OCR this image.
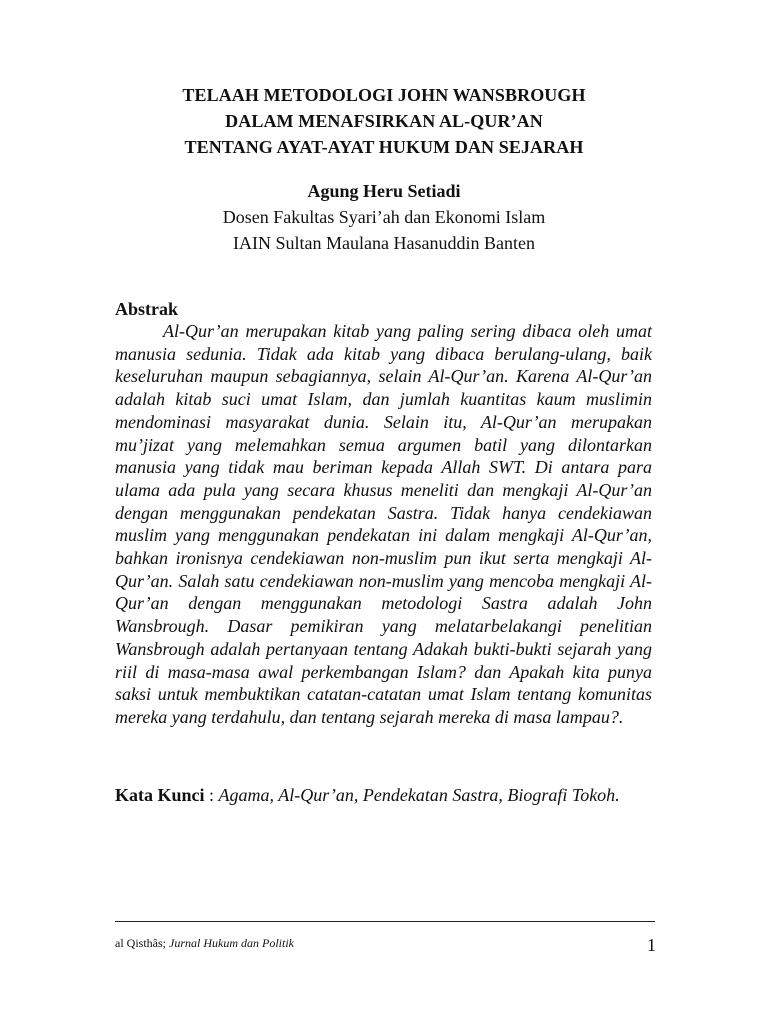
TELAAH METODOLOGI JOHN WANSBROUGH
DALAM MENAFSIRKAN AL-QUR’AN
TENTANG AYAT-AYAT HUKUM DAN SEJARAH
Agung Heru Setiadi
Dosen Fakultas Syari’ah dan Ekonomi Islam
IAIN Sultan Maulana Hasanuddin Banten
Abstrak
Al-Qur’an merupakan kitab yang paling sering dibaca oleh umat manusia sedunia. Tidak ada kitab yang dibaca berulang-ulang, baik keseluruhan maupun sebagiannya, selain Al-Qur’an. Karena Al-Qur’an adalah kitab suci umat Islam, dan jumlah kuantitas kaum muslimin mendominasi masyarakat dunia. Selain itu, Al-Qur’an merupakan mu’jizat yang melemahkan semua argumen batil yang dilontarkan manusia yang tidak mau beriman kepada Allah SWT. Di antara para ulama ada pula yang secara khusus meneliti dan mengkaji Al-Qur’an dengan menggunakan pendekatan Sastra. Tidak hanya cendekiawan muslim yang menggunakan pendekatan ini dalam mengkaji Al-Qur’an, bahkan ironisnya cendekiawan non-muslim pun ikut serta mengkaji Al-Qur’an. Salah satu cendekiawan non-muslim yang mencoba mengkaji Al-Qur’an dengan menggunakan metodologi Sastra adalah John Wansbrough. Dasar pemikiran yang melatarbelakangi penelitian Wansbrough adalah pertanyaan tentang Adakah bukti-bukti sejarah yang riil di masa-masa awal perkembangan Islam? dan Apakah kita punya saksi untuk membuktikan catatan-catatan umat Islam tentang komunitas mereka yang terdahulu, dan tentang sejarah mereka di masa lampau?.
Kata Kunci : Agama, Al-Qur’an, Pendekatan Sastra, Biografi Tokoh.
al Qisthâs; Jurnal Hukum dan Politik	1
